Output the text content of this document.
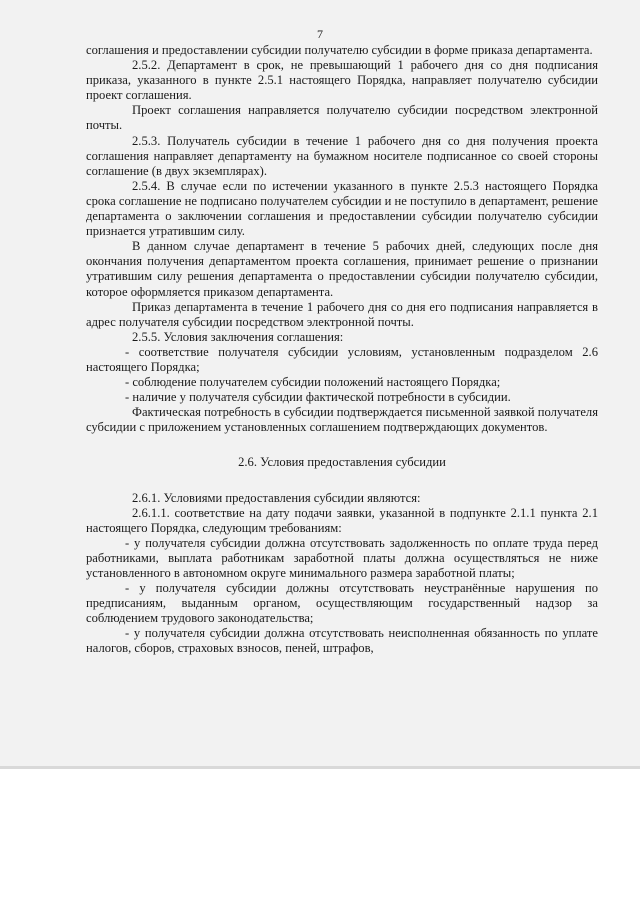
7

соглашения и предоставлении субсидии получателю субсидии в форме приказа департамента.

2.5.2. Департамент в срок, не превышающий 1 рабочего дня со дня подписания приказа, указанного в пункте 2.5.1 настоящего Порядка, направляет получателю субсидии проект соглашения.

Проект соглашения направляется получателю субсидии посредством электронной почты.

2.5.3. Получатель субсидии в течение 1 рабочего дня со дня получения проекта соглашения направляет департаменту на бумажном носителе подписанное со своей стороны соглашение (в двух экземплярах).

2.5.4. В случае если по истечении указанного в пункте 2.5.3 настоящего Порядка срока соглашение не подписано получателем субсидии и не поступило в департамент, решение департамента о заключении соглашения и предоставлении субсидии получателю субсидии признается утратившим силу.

В данном случае департамент в течение 5 рабочих дней, следующих после дня окончания получения департаментом проекта соглашения, принимает решение о признании утратившим силу решения департамента о предоставлении субсидии получателю субсидии, которое оформляется приказом департамента.

Приказ департамента в течение 1 рабочего дня со дня его подписания направляется в адрес получателя субсидии посредством электронной почты.

2.5.5. Условия заключения соглашения:

- соответствие получателя субсидии условиям, установленным подразделом 2.6 настоящего Порядка;

- соблюдение получателем субсидии положений настоящего Порядка;

- наличие у получателя субсидии фактической потребности в субсидии.

Фактическая потребность в субсидии подтверждается письменной заявкой получателя субсидии с приложением установленных соглашением подтверждающих документов.

2.6. Условия предоставления субсидии

2.6.1. Условиями предоставления субсидии являются:

2.6.1.1. соответствие на дату подачи заявки, указанной в подпункте 2.1.1 пункта 2.1 настоящего Порядка, следующим требованиям:

- у получателя субсидии должна отсутствовать задолженность по оплате труда перед работниками, выплата работникам заработной платы должна осуществляться не ниже установленного в автономном округе минимального размера заработной платы;

- у получателя субсидии должны отсутствовать неустранённые нарушения по предписаниям, выданным органом, осуществляющим государственный надзор за соблюдением трудового законодательства;

- у получателя субсидии должна отсутствовать неисполненная обязанность по уплате налогов, сборов, страховых взносов, пеней, штрафов,
